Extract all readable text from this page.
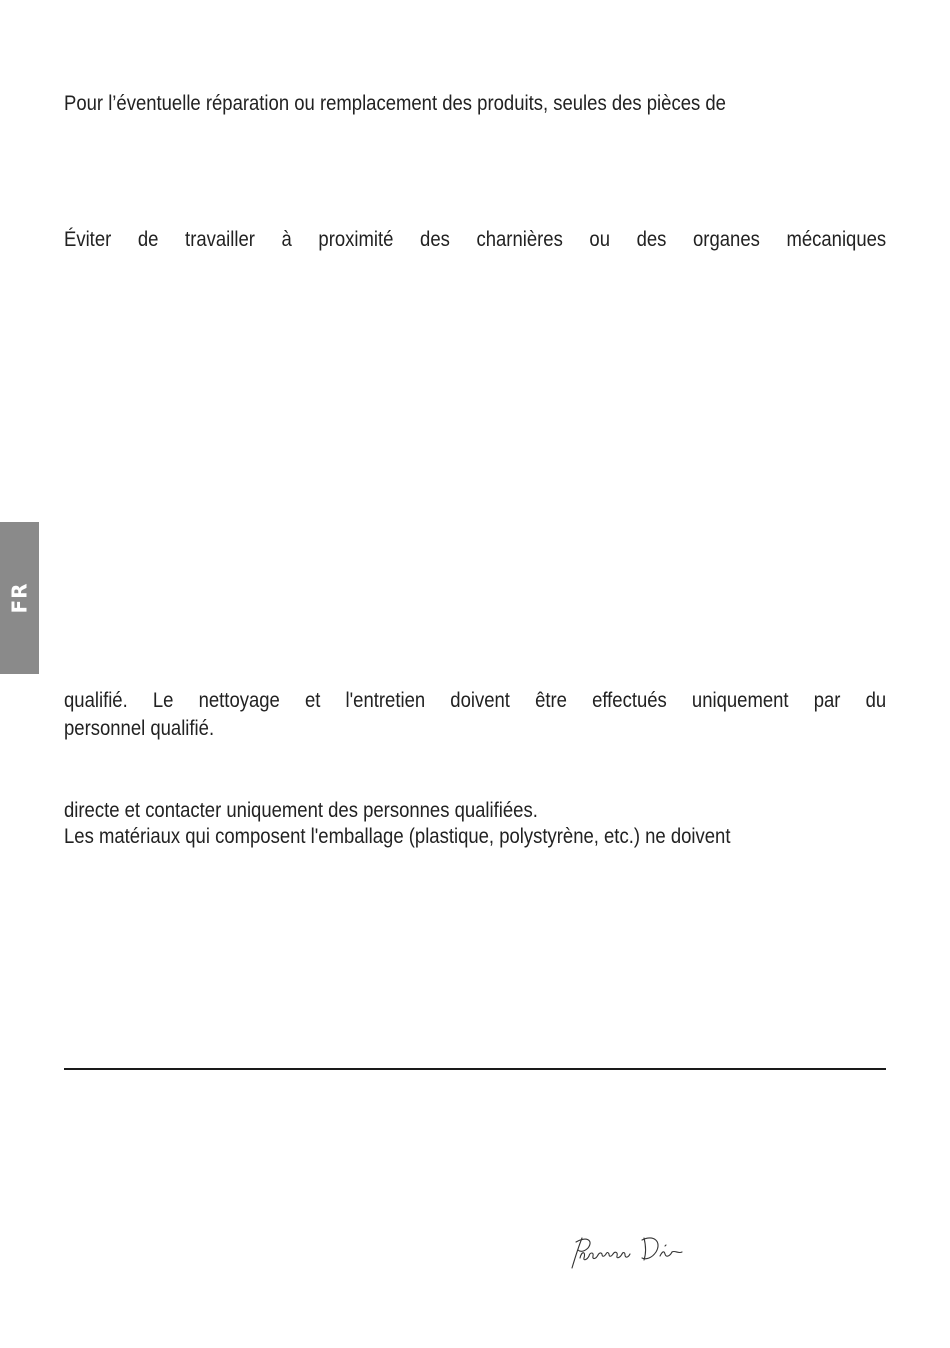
FR
Pour l’éventuelle réparation ou remplacement des produits, seules des pièces de
Éviter de travailler à proximité des charnières ou des organes mécaniques
qualifié. Le nettoyage et l'entretien doivent être effectués uniquement par du
personnel qualifié.
directe et contacter uniquement des personnes qualifiées.
Les matériaux qui composent l'emballage (plastique, polystyrène, etc.) ne doivent
